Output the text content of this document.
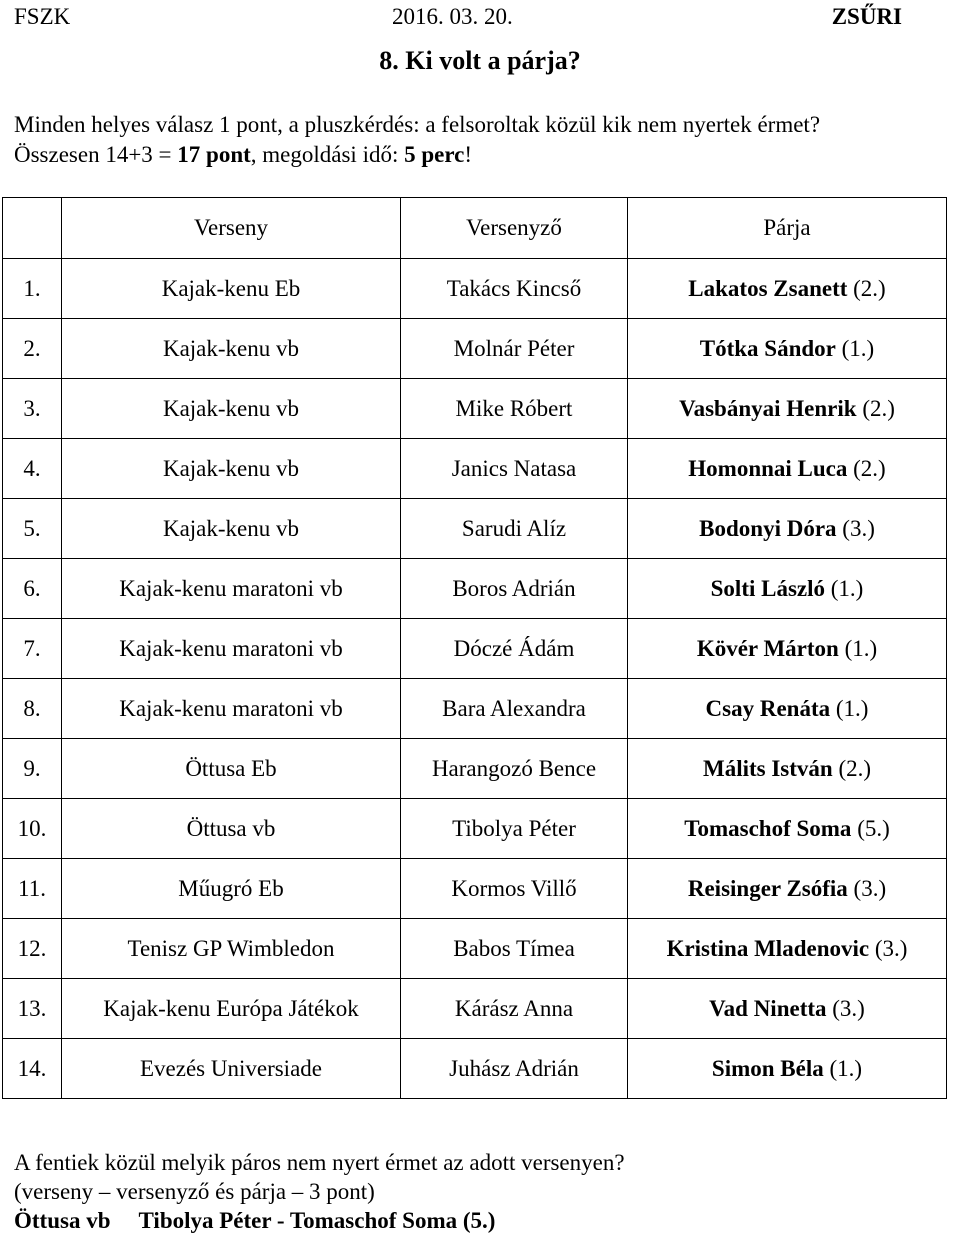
FSZK	2016. 03. 20.	ZSŰRI
8. Ki volt a párja?
Minden helyes válasz 1 pont, a pluszkérdés: a felsoroltak közül kik nem nyertek érmet?
Összesen 14+3 = 17 pont, megoldási idő: 5 perc!
	Verseny	Versenyző	Párja
1.	Kajak-kenu Eb	Takács Kincső	Lakatos Zsanett (2.)
2.	Kajak-kenu vb	Molnár Péter	Tótka Sándor (1.)
3.	Kajak-kenu vb	Mike Róbert	Vasbányai Henrik (2.)
4.	Kajak-kenu vb	Janics Natasa	Homonnai Luca (2.)
5.	Kajak-kenu vb	Sarudi Alíz	Bodonyi Dóra (3.)
6.	Kajak-kenu maratoni vb	Boros Adrián	Solti László (1.)
7.	Kajak-kenu maratoni vb	Dóczé Ádám	Kövér Márton (1.)
8.	Kajak-kenu maratoni vb	Bara Alexandra	Csay Renáta (1.)
9.	Öttusa Eb	Harangozó Bence	Málits István (2.)
10.	Öttusa vb	Tibolya Péter	Tomaschof Soma (5.)
11.	Műugró Eb	Kormos Villő	Reisinger Zsófia (3.)
12.	Tenisz GP Wimbledon	Babos Tímea	Kristina Mladenovic (3.)
13.	Kajak-kenu Európa Játékok	Kárász Anna	Vad Ninetta (3.)
14.	Evezés Universiade	Juhász Adrián	Simon Béla (1.)
A fentiek közül melyik páros nem nyert érmet az adott versenyen?
(verseny – versenyző és párja – 3 pont)
Öttusa vb Tibolya Péter - Tomaschof Soma (5.)
